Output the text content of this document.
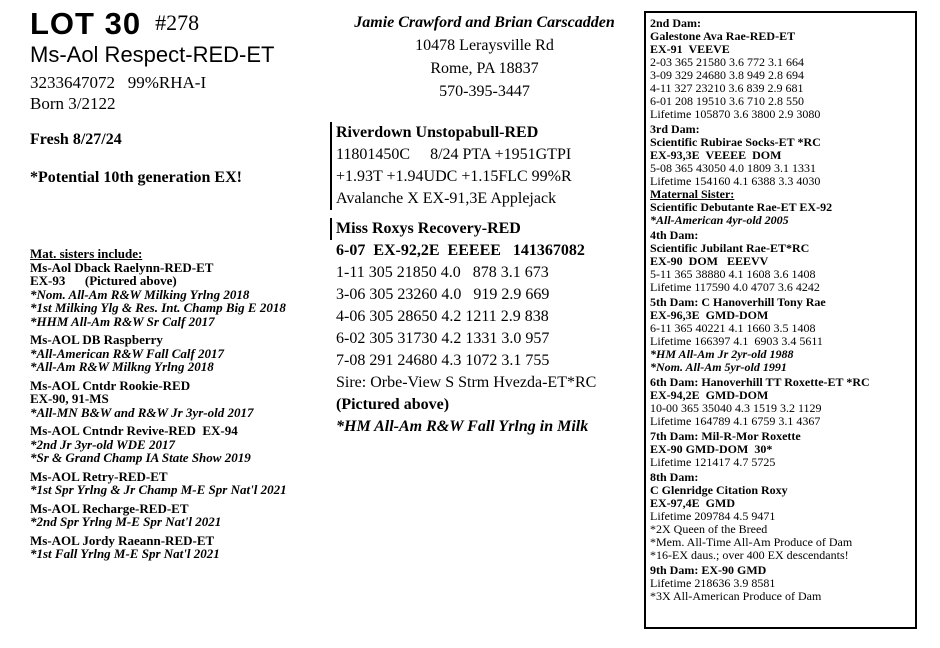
LOT 30 #278
Ms-Aol Respect-RED-ET
3233647072   99%RHA-I
Born 3/2122
Fresh 8/27/24
*Potential 10th generation EX!
Mat. sisters include:
Ms-Aol Dback Raelynn-RED-ET
EX-93      (Pictured above)
*Nom. All-Am R&W Milking Yrlng 2018
*1st Milking Ylg & Res. Int. Champ Big E 2018
*HHM All-Am R&W Sr Calf 2017
Ms-AOL DB Raspberry
*All-American R&W Fall Calf 2017
*All-Am R&W Milkng Yrlng 2018
Ms-AOL Cntdr Rookie-RED
EX-90, 91-MS
*All-MN B&W and R&W Jr 3yr-old 2017
Ms-AOL Cntndr Revive-RED  EX-94
*2nd Jr 3yr-old WDE 2017
*Sr & Grand Champ IA State Show 2019
Ms-AOL Retry-RED-ET
*1st Spr Yrlng & Jr Champ M-E Spr Nat'l 2021
Ms-AOL Recharge-RED-ET
*2nd Spr Yrlng M-E Spr Nat'l 2021
Ms-AOL Jordy Raeann-RED-ET
*1st Fall Yrlng M-E Spr Nat'l 2021
Jamie Crawford and Brian Carscadden
10478 Leraysville Rd
Rome, PA 18837
570-395-3447
Riverdown Unstopabull-RED
11801450C     8/24 PTA +1951GTPI
+1.93T +1.94UDC +1.15FLC 99%R
Avalanche X EX-91,3E Applejack
Miss Roxys Recovery-RED
6-07  EX-92,2E  EEEEE   141367082
1-11 305 21850 4.0   878 3.1 673
3-06 305 23260 4.0   919 2.9 669
4-06 305 28650 4.2 1211 2.9 838
6-02 305 31730 4.2 1331 3.0 957
7-08 291 24680 4.3 1072 3.1 755
Sire: Orbe-View S Strm Hvezda-ET*RC
(Pictured above)
*HM All-Am R&W Fall Yrlng in Milk
2nd Dam:
Galestone Ava Rae-RED-ET
EX-91  VEEVE
2-03 365 21580 3.6 772 3.1 664
3-09 329 24680 3.8 949 2.8 694
4-11 327 23210 3.6 839 2.9 681
6-01 208 19510 3.6 710 2.8 550
Lifetime 105870 3.6 3800 2.9 3080
3rd Dam:
Scientific Rubirae Socks-ET *RC
EX-93,3E  VEEEE  DOM
5-08 365 43050 4.0 1809 3.1 1331
Lifetime 154160 4.1 6388 3.3 4030
Maternal Sister:
Scientific Debutante Rae-ET EX-92
*All-American 4yr-old 2005
4th Dam:
Scientific Jubilant Rae-ET*RC
EX-90  DOM   EEEVV
5-11 365 38880 4.1 1608 3.6 1408
Lifetime 117590 4.0 4707 3.6 4242
5th Dam: C Hanoverhill Tony Rae
EX-96,3E  GMD-DOM
6-11 365 40221 4.1 1660 3.5 1408
Lifetime 166397 4.1  6903 3.4 5611
*HM All-Am Jr 2yr-old 1988
*Nom. All-Am 5yr-old 1991
6th Dam: Hanoverhill TT Roxette-ET *RC
EX-94,2E  GMD-DOM
10-00 365 35040 4.3 1519 3.2 1129
Lifetime 164789 4.1 6759 3.1 4367
7th Dam: Mil-R-Mor Roxette
EX-90 GMD-DOM  30*
Lifetime 121417 4.7 5725
8th Dam:
C Glenridge Citation Roxy
EX-97,4E  GMD
Lifetime 209784 4.5 9471
*2X Queen of the Breed
*Mem. All-Time All-Am Produce of Dam
*16-EX daus.; over 400 EX descendants!
9th Dam: EX-90 GMD
Lifetime 218636 3.9 8581
*3X All-American Produce of Dam
